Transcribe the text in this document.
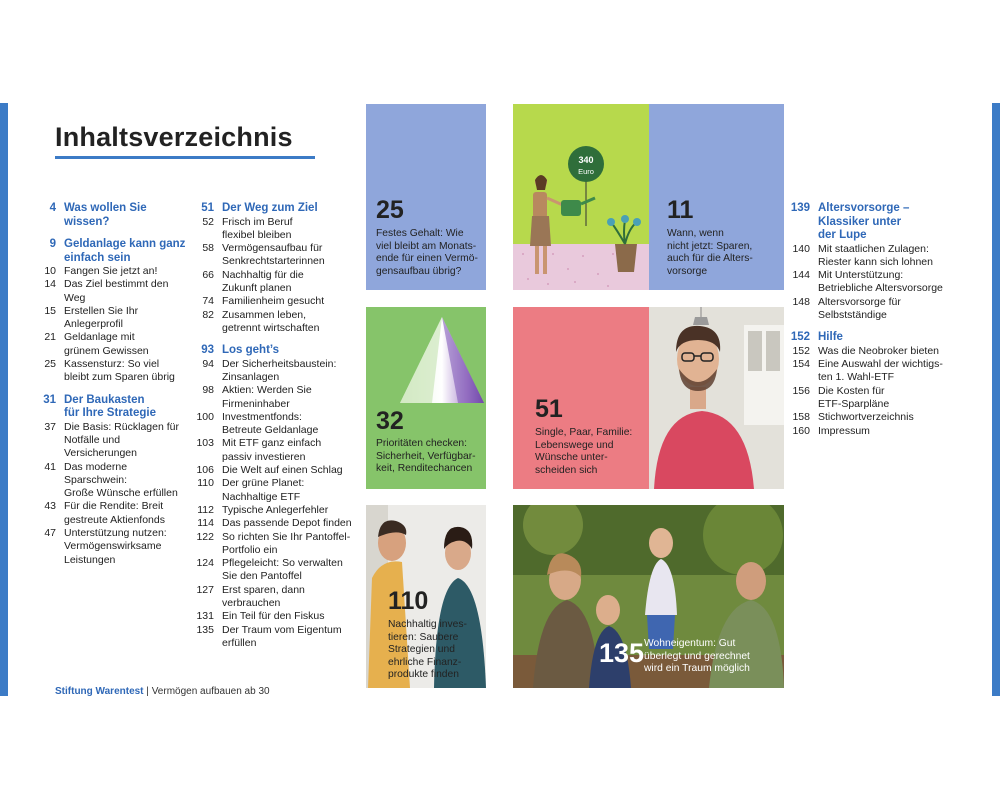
Inhaltsverzeichnis
4 Was wollen Sie
wissen?
9 Geldanlage kann ganz
einfach sein
10 Fangen Sie jetzt an!
14 Das Ziel bestimmt den Weg
15 Erstellen Sie Ihr
Anlegerprofil
21 Geldanlage mit
grünem Gewissen
25 Kassensturz: So viel
bleibt zum Sparen übrig
31 Der Baukasten
für Ihre Strategie
37 Die Basis: Rücklagen für
Notfälle und Versicherungen
41 Das moderne Sparschwein:
Große Wünsche erfüllen
43 Für die Rendite: Breit
gestreute Aktienfonds
47 Unterstützung nutzen:
Vermögenswirksame
Leistungen
51 Der Weg zum Ziel
52 Frisch im Beruf
flexibel bleiben
58 Vermögensaufbau für
Senkrechtstarterinnen
66 Nachhaltig für die
Zukunft planen
74 Familienheim gesucht
82 Zusammen leben,
getrennt wirtschaften
93 Los geht’s
94 Der Sicherheitsbaustein:
Zinsanlagen
98 Aktien: Werden Sie
Firmeninhaber
100 Investmentfonds:
Betreute Geldanlage
103 Mit ETF ganz einfach
passiv investieren
106 Die Welt auf einen Schlag
110 Der grüne Planet:
Nachhaltige ETF
112 Typische Anlegerfehler
114 Das passende Depot finden
122 So richten Sie Ihr Pantoffel-
Portfolio ein
124 Pflegeleicht: So verwalten
Sie den Pantoffel
127 Erst sparen, dann
verbrauchen
131 Ein Teil für den Fiskus
135 Der Traum vom Eigentum
erfüllen
139 Altersvorsorge –
Klassiker unter
der Lupe
140 Mit staatlichen Zulagen:
Riester kann sich lohnen
144 Mit Unterstützung:
Betriebliche Altersvorsorge
148 Altersvorsorge für
Selbstständige
152 Hilfe
152 Was die Neobroker bieten
154 Eine Auswahl der wichtigs-
ten 1. Wahl-ETF
156 Die Kosten für
ETF-Sparpläne
158 Stichwortverzeichnis
160 Impressum
25
Festes Gehalt: Wie
viel bleibt am Monats-
ende für einen Vermö-
gensaufbau übrig?
340
Euro
11
Wann, wenn
nicht jetzt: Sparen,
auch für die Alters-
vorsorge
32
Prioritäten checken:
Sicherheit, Verfügbar-
keit, Renditechancen
51
Single, Paar, Familie:
Lebenswege und
Wünsche unter-
scheiden sich
110
Nachhaltig inves-
tieren: Saubere
Strategien und
ehrliche Finanz-
produkte finden
135 Wohneigentum: Gut
überlegt und gerechnet
wird ein Traum möglich
Stiftung Warentest | Vermögen aufbauen ab 30
